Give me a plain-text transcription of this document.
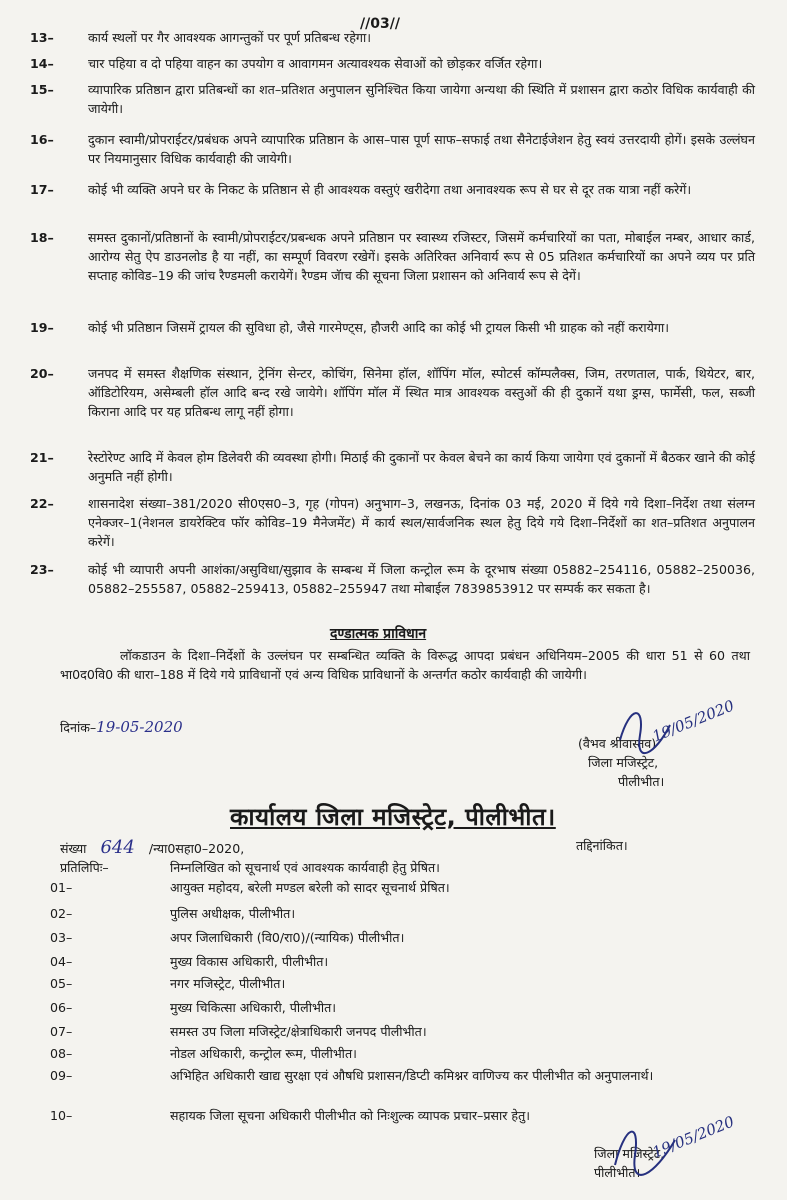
//03//
13–	कार्य स्थलों पर गैर आवश्यक आगन्तुकों पर पूर्ण प्रतिबन्ध रहेगा।
14–	चार पहिया व दो पहिया वाहन का उपयोग व आवागमन अत्यावश्यक सेवाओं को छोड़कर वर्जित रहेगा।
15–	व्यापारिक प्रतिष्ठान द्वारा प्रतिबन्धों का शत–प्रतिशत अनुपालन सुनिश्चित किया जायेगा अन्यथा की स्थिति में प्रशासन द्वारा कठोर विधिक कार्यवाही की जायेगी।
16–	दुकान स्वामी/प्रोपराईटर/प्रबंधक अपने व्यापारिक प्रतिष्ठान के आस–पास पूर्ण साफ–सफाई तथा सैनेटाईजेशन हेतु स्वयं उत्तरदायी होगें। इसके उल्लंघन पर नियमानुसार विधिक कार्यवाही की जायेगी।
17–	कोई भी व्यक्ति अपने घर के निकट के प्रतिष्ठान से ही आवश्यक वस्तुएं खरीदेगा तथा अनावश्यक रूप से घर से दूर तक यात्रा नहीं करेगें।
18–	समस्त दुकानों/प्रतिष्ठानों के स्वामी/प्रोपराईटर/प्रबन्धक अपने प्रतिष्ठान पर स्वास्थ्य रजिस्टर, जिसमें कर्मचारियों का पता, मोबाईल नम्बर, आधार कार्ड, आरोग्य सेतु ऐप डाउनलोड है या नहीं, का सम्पूर्ण विवरण रखेगें। इसके अतिरिक्त अनिवार्य रूप से 05 प्रतिशत कर्मचारियों का अपने व्यय पर प्रति सप्ताह कोविड–19 की जांच रैण्डमली करायेगें। रैण्डम जॅाच की सूचना जिला प्रशासन को अनिवार्य रूप से देगें।
19–	कोई भी प्रतिष्ठान जिसमें ट्रायल की सुविधा हो, जैसे गारमेण्ट्स, हौजरी आदि का कोई भी ट्रायल किसी भी ग्राहक को नहीं करायेगा।
20–	जनपद में समस्त शैक्षणिक संस्थान, ट्रेनिंग सेन्टर, कोचिंग, सिनेमा हॉल, शॉपिंग मॉल, स्पोटर्स कॉम्पलैक्स, जिम, तरणताल, पार्क, थियेटर, बार, ऑडिटोरियम, असेम्बली हॉल आदि बन्द रखे जायेगे। शॉपिंग मॉल में स्थित मात्र आवश्यक वस्तुओं की ही दुकानें यथा ड्रग्स, फार्मेसी, फल, सब्जी किराना आदि पर यह प्रतिबन्ध लागू नहीं होगा।
21–	रेस्टोरेण्ट आदि में केवल होम डिलेवरी की व्यवस्था होगी। मिठाई की दुकानों पर केवल बेचने का कार्य किया जायेगा एवं दुकानों में बैठकर खाने की कोई अनुमति नहीं होगी।
22–	शासनादेश संख्या–381/2020 सी0एस0–3, गृह (गोपन) अनुभाग–3, लखनऊ, दिनांक 03 मई, 2020 में दिये गये दिशा–निर्देश तथा संलग्न एनेक्जर–1(नेशनल डायरेक्टिव फॉर कोविड–19 मैनेजमेंट) में कार्य स्थल/सार्वजनिक स्थल हेतु दिये गये दिशा–निर्देशों का शत–प्रतिशत अनुपालन करेगें।
23–	कोई भी व्यापारी अपनी आशंका/असुविधा/सुझाव के सम्बन्ध में जिला कन्ट्रोल रूम के दूरभाष संख्या 05882–254116, 05882–250036, 05882–255587, 05882–259413, 05882–255947 तथा मोबाईल 7839853912 पर सम्पर्क कर सकता है।
दण्डात्मक प्राविधान
लॉकडाउन के दिशा–निर्देशों के उल्लंघन पर सम्बन्धित व्यक्ति के विरूद्ध आपदा प्रबंधन अधिनियम–2005 की धारा 51 से 60 तथा भा0द0वि0 की धारा–188 में दिये गये प्राविधानों एवं अन्य विधिक प्राविधानों के अन्तर्गत कठोर कार्यवाही की जायेगी।
दिनांक–19-05-2020
(वैभव श्रीवास्तव)
जिला मजिस्ट्रेट,
पीलीभीत।
19/05/2020
कार्यालय जिला मजिस्ट्रेट, पीलीभीत।
संख्या 644 /न्या0सहा0–2020,	तद्दिनांकित।
प्रतिलिपिः–	निम्नलिखित को सूचनार्थ एवं आवश्यक कार्यवाही हेतु प्रेषित।
01–	आयुक्त महोदय, बरेली मण्डल बरेली को सादर सूचनार्थ प्रेषित।
02–	पुलिस अधीक्षक, पीलीभीत।
03–	अपर जिलाधिकारी (वि0/रा0)/(न्यायिक) पीलीभीत।
04–	मुख्य विकास अधिकारी, पीलीभीत।
05–	नगर मजिस्ट्रेट, पीलीभीत।
06–	मुख्य चिकित्सा अधिकारी, पीलीभीत।
07–	समस्त उप जिला मजिस्ट्रेट/क्षेत्राधिकारी जनपद पीलीभीत।
08–	नोडल अधिकारी, कन्ट्रोल रूम, पीलीभीत।
09–	अभिहित अधिकारी खाद्य सुरक्षा एवं औषधि प्रशासन/डिप्टी कमिश्नर वाणिज्य कर पीलीभीत को अनुपालनार्थ।
10–	सहायक जिला सूचना अधिकारी पीलीभीत को निःशुल्क व्यापक प्रचार–प्रसार हेतु।
जिला मजिस्ट्रेट,
पीलीभीत।
19/05/2020
